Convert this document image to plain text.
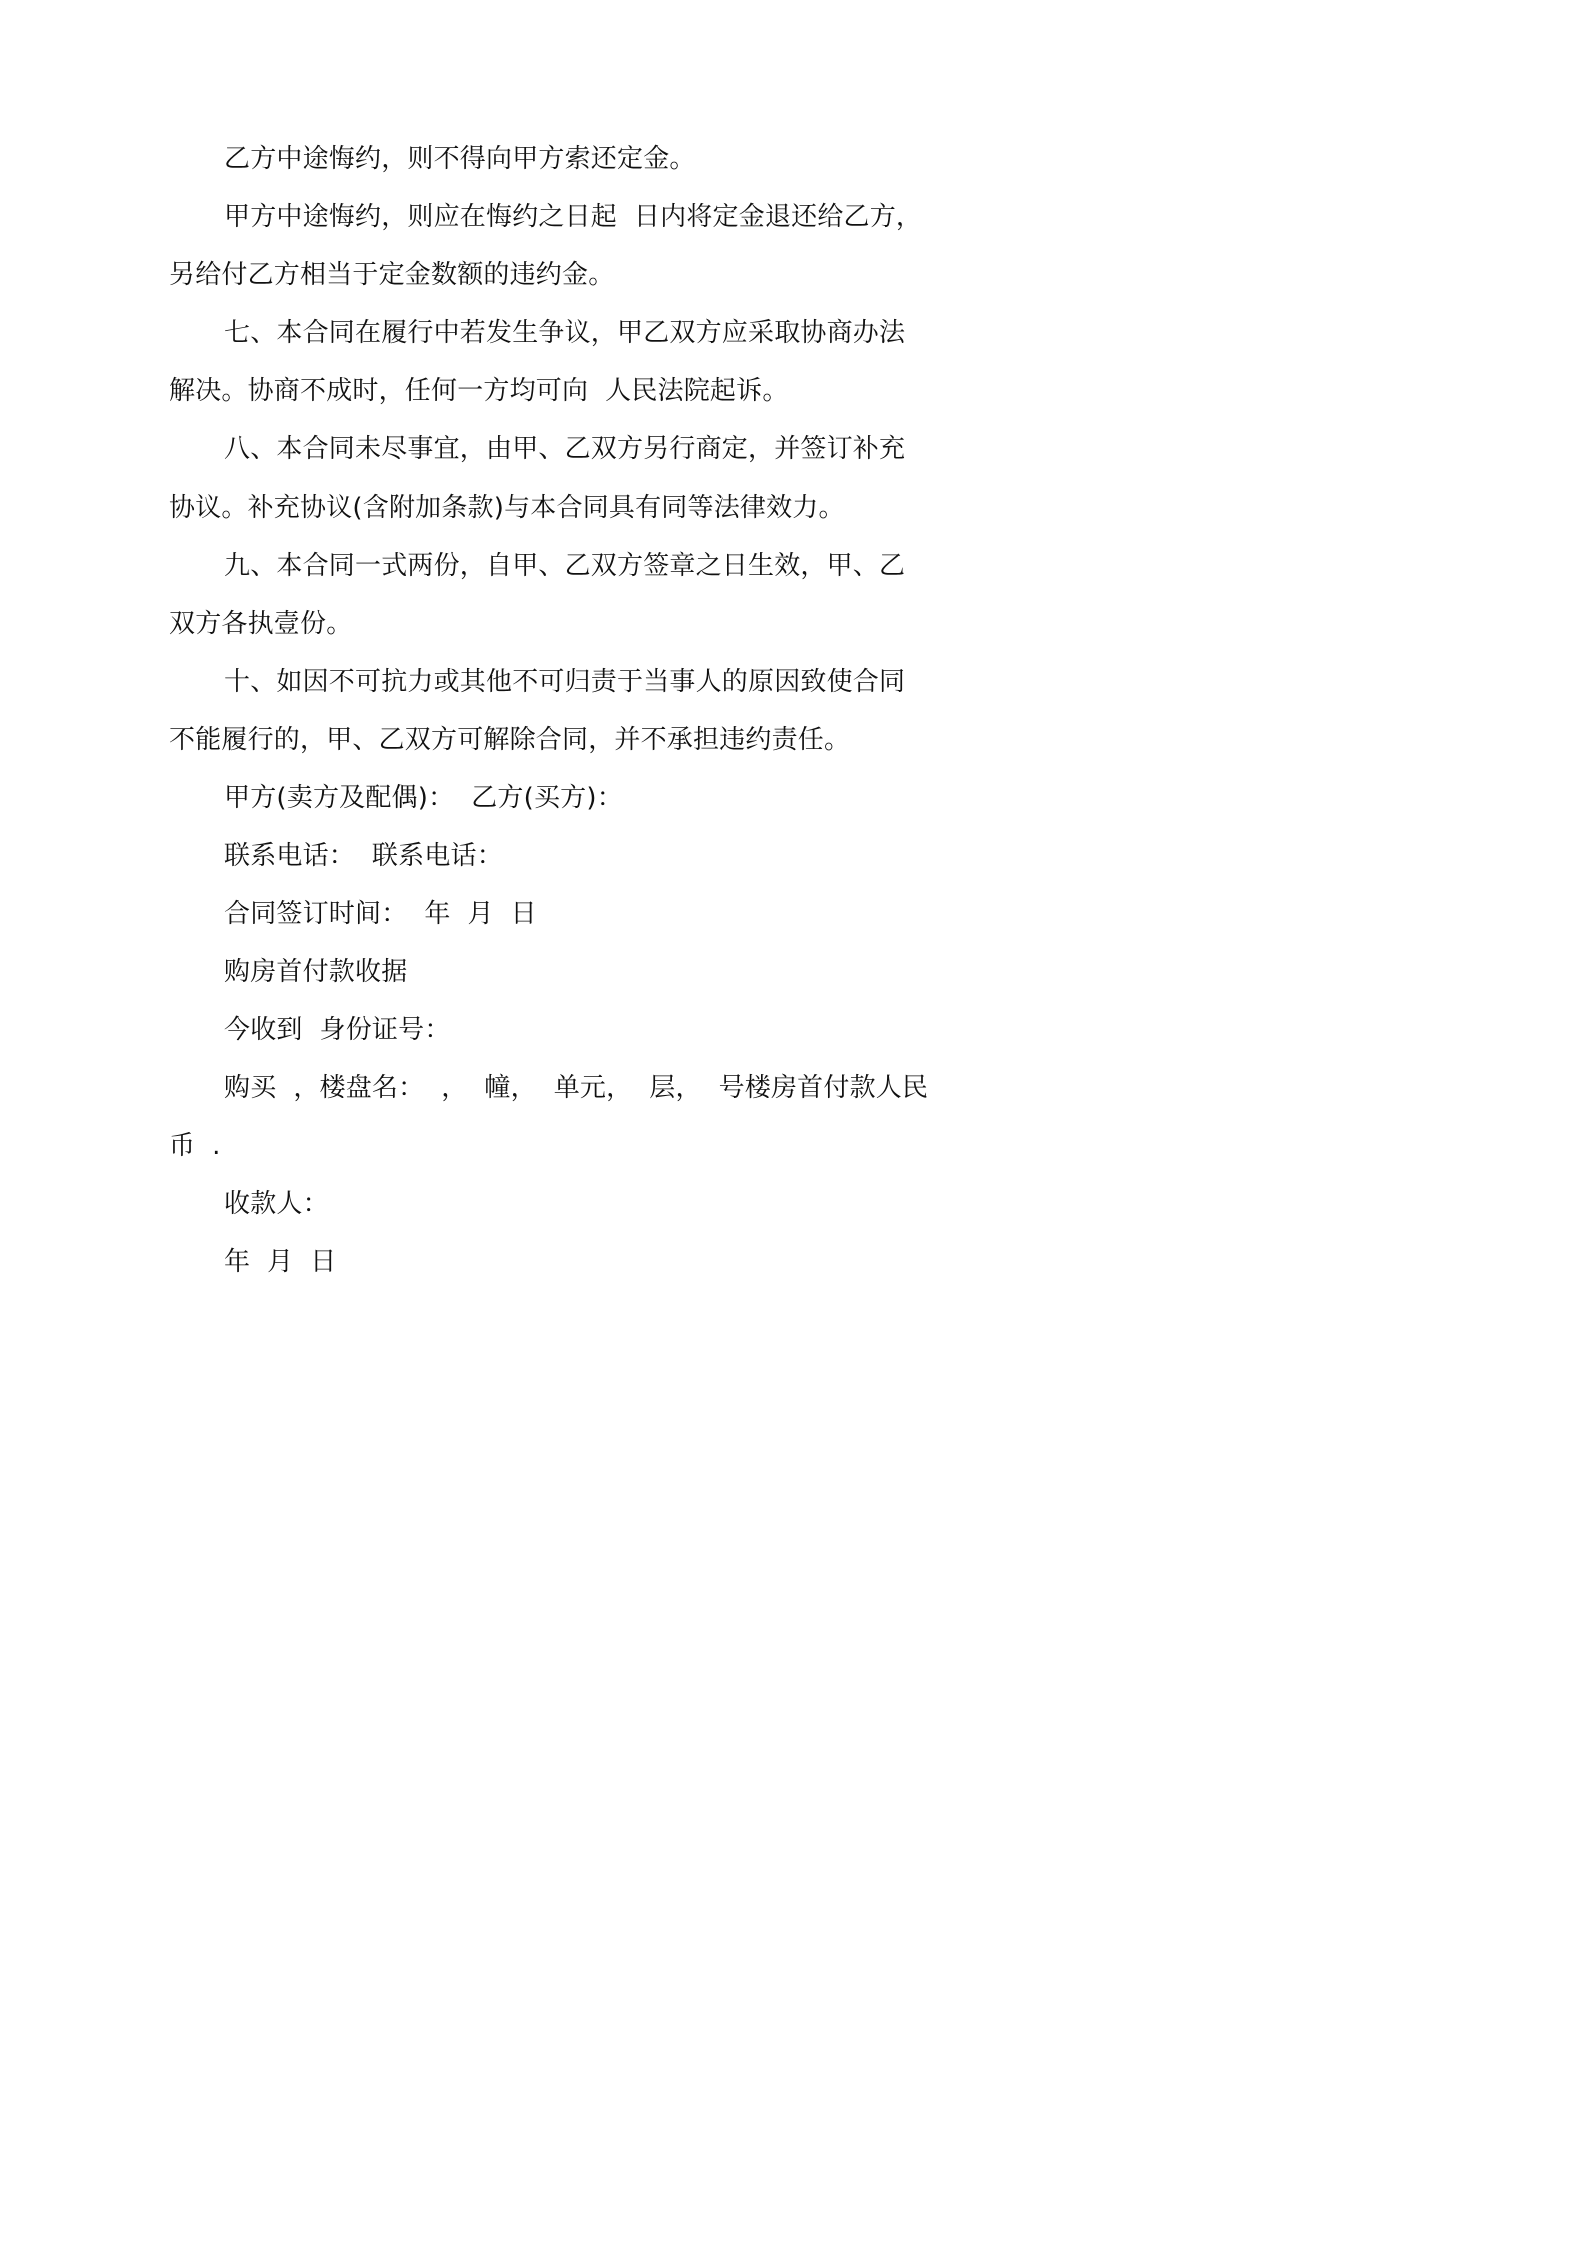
乙方中途悔约，则不得向甲方索还定金。
甲方中途悔约，则应在悔约之日起  日内将定金退还给乙方，
另给付乙方相当于定金数额的违约金。
七、本合同在履行中若发生争议，甲乙双方应采取协商办法
解决。协商不成时，任何一方均可向  人民法院起诉。
八、本合同未尽事宜，由甲、乙双方另行商定，并签订补充
协议。补充协议(含附加条款)与本合同具有同等法律效力。
九、本合同一式两份，自甲、乙双方签章之日生效，甲、乙
双方各执壹份。
十、如因不可抗力或其他不可归责于当事人的原因致使合同
不能履行的，甲、乙双方可解除合同，并不承担违约责任。
甲方(卖方及配偶)：  乙方(买方)：
联系电话：  联系电话：
合同签订时间：  年  月  日
购房首付款收据
今收到  身份证号：
购买  ，楼盘名：  ，  幢，  单元，  层，  号楼房首付款人民
币  .
收款人：
年  月  日
